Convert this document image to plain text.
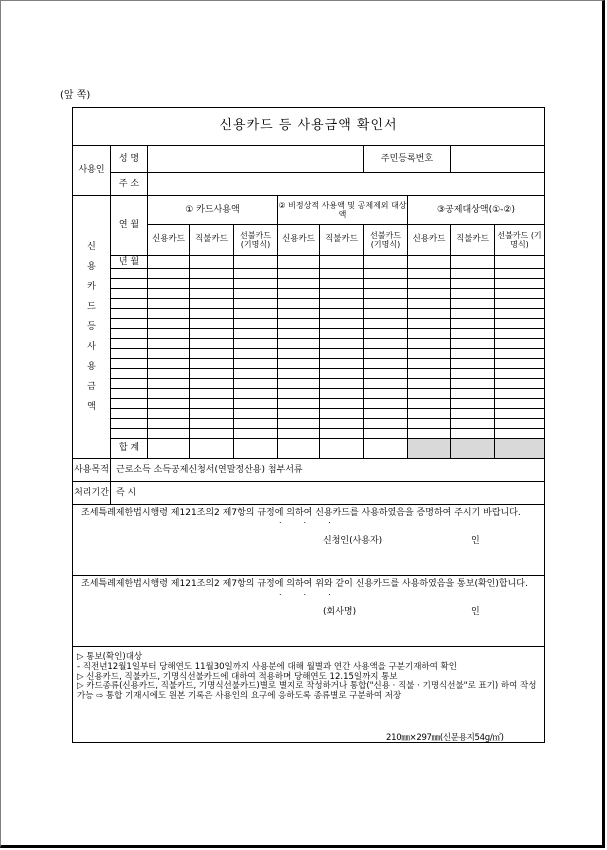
(앞 쪽)
신용카드 등 사용금액 확인서										
사용인	성 명						주민등록번호			
	주 소									

신용카드등사용금액	연 월	① 카드사용액			② 비정상적 사용액 및 공제제외 대상액			③공제대상액(①-②)		
		신용카드	직불카드	선불카드 (기명식)	신용카드	직불카드	선불카드 (기명식)	신용카드	직불카드	선불카드 (기명식)
	년 월									

	합 계									
사용목적	근로소득 소득공제신청서(연말정산용) 첨부서류									
처리기간	즉 시									

조세특례제한법시행령 제121조의2 제7항의 규정에 의하여 신용카드를 사용하였음을 증명하여 주시기 바랍니다.
...
신청인(사용자) 인										

조세특례제한법시행령 제121조의2 제7항의 규정에 의하여 위와 같이 신용카드를 사용하였음을 통보(확인)합니다.
...
(회사명) 인										

▷ 통보(확인)대상
- 직전년12월1일부터 당해연도 11월30일까지 사용분에 대해 월별과 연간 사용액을 구분기재하여 확인
▷ 신용카드, 직불카드, 기명식선불카드에 대하여 적용하며 당해연도 12.15일까지 통보
▷ 카드종류(신용카드, 직불카드, 기명식선불카드)별로 별지로 작성하거나 통합("신용 · 직불 · 기명식선불"로 표기) 하여 작성가능 ⇨ 통합 기재시에도 원본 기록은 사용인의 요구에 응하도록 종류별로 구분하여 저장										
210㎜×297㎜(신문용지54g/㎡)
